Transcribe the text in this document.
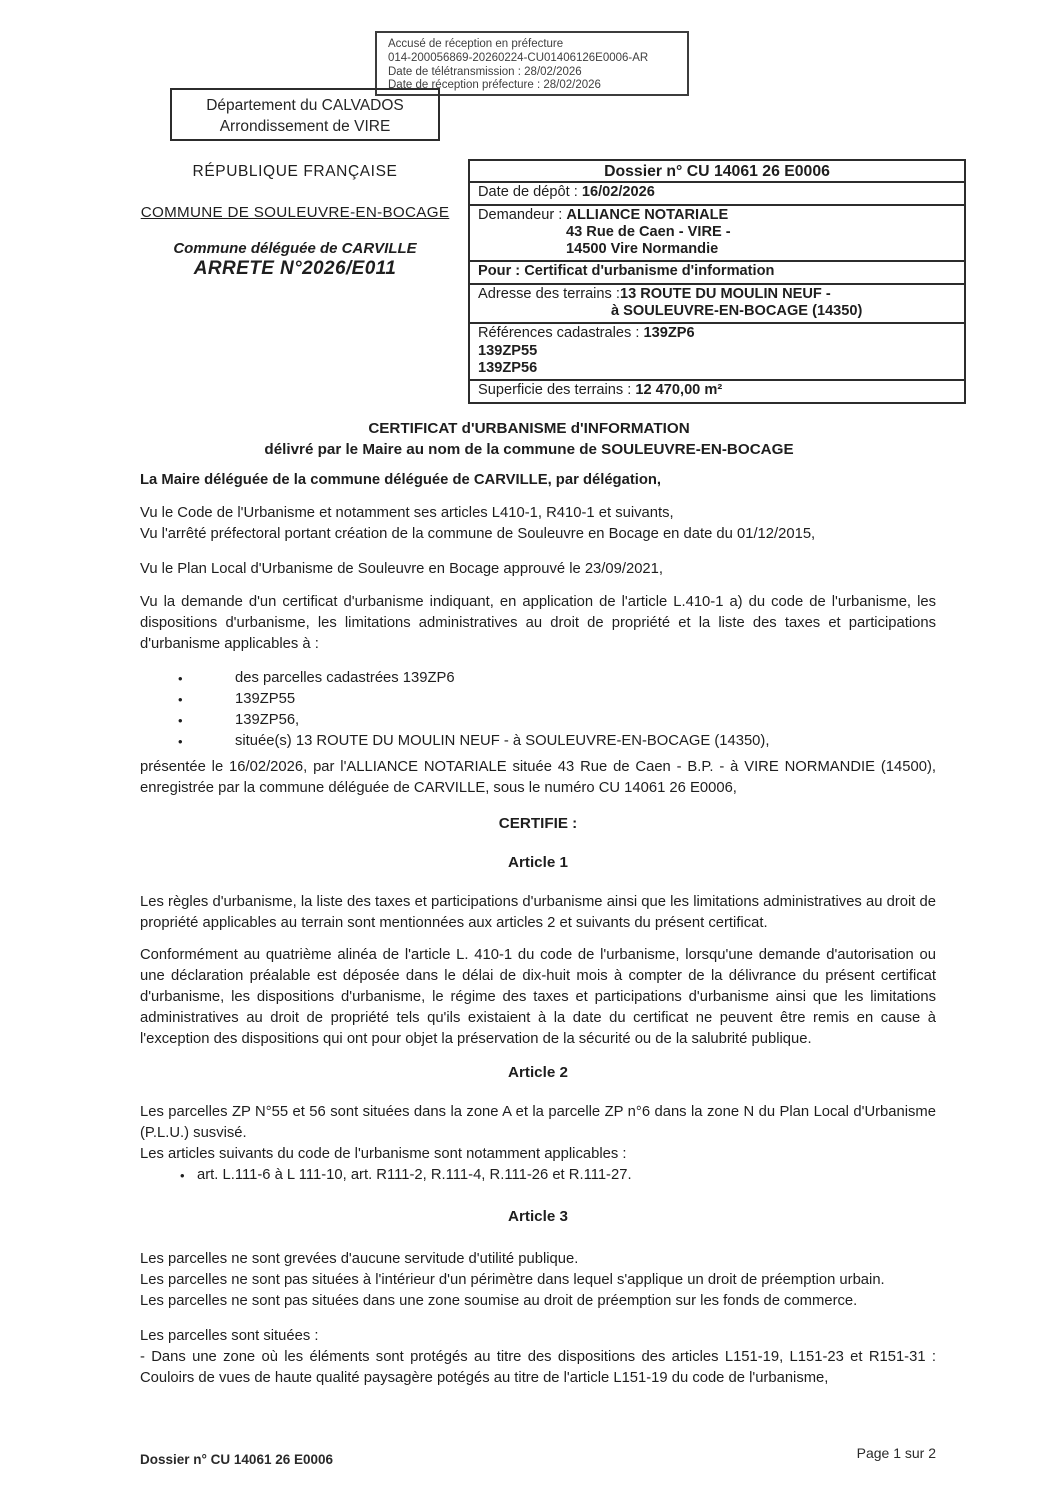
Accusé de réception en préfecture
014-200056869-20260224-CU01406126E0006-AR
Date de télétransmission : 28/02/2026
Date de réception préfecture : 28/02/2026
Département du CALVADOS
Arrondissement de VIRE
RÉPUBLIQUE FRANÇAISE
COMMUNE DE SOULEUVRE-EN-BOCAGE
Commune déléguée de CARVILLE
ARRETE N°2026/E011
Dossier n° CU 14061 26 E0006
Date de dépôt : 16/02/2026
Demandeur : ALLIANCE NOTARIALE
43 Rue de Caen - VIRE -
14500 Vire Normandie
Pour : Certificat d'urbanisme d'information
Adresse des terrains :13 ROUTE DU MOULIN NEUF -
à SOULEUVRE-EN-BOCAGE (14350)
Références cadastrales : 139ZP6
139ZP55
139ZP56
Superficie des terrains : 12 470,00 m²
CERTIFICAT d'URBANISME d'INFORMATION
délivré par le Maire au nom de la commune de SOULEUVRE-EN-BOCAGE

La Maire déléguée de la commune déléguée de CARVILLE, par délégation,

Vu le Code de l'Urbanisme et notamment ses articles L410-1, R410-1 et suivants,
Vu l'arrêté préfectoral portant création de la commune de Souleuvre en Bocage en date du 01/12/2015,

Vu le Plan Local d'Urbanisme de Souleuvre en Bocage approuvé le 23/09/2021,

Vu la demande d'un certificat d'urbanisme indiquant, en application de l'article L.410-1 a) du code de l'urbanisme, les dispositions d'urbanisme, les limitations administratives au droit de propriété et la liste des taxes et participations d'urbanisme applicables à :

• des parcelles cadastrées 139ZP6
• 139ZP55
• 139ZP56,
• située(s) 13 ROUTE DU MOULIN NEUF - à SOULEUVRE-EN-BOCAGE (14350),

présentée le 16/02/2026, par l'ALLIANCE NOTARIALE située 43 Rue de Caen - B.P. - à VIRE NORMANDIE (14500), enregistrée par la commune déléguée de CARVILLE, sous le numéro CU 14061 26 E0006,

CERTIFIE :

Article 1

Les règles d'urbanisme, la liste des taxes et participations d'urbanisme ainsi que les limitations administratives au droit de propriété applicables au terrain sont mentionnées aux articles 2 et suivants du présent certificat.

Conformément au quatrième alinéa de l'article L. 410-1 du code de l'urbanisme, lorsqu'une demande d'autorisation ou une déclaration préalable est déposée dans le délai de dix-huit mois à compter de la délivrance du présent certificat d'urbanisme, les dispositions d'urbanisme, le régime des taxes et participations d'urbanisme ainsi que les limitations administratives au droit de propriété tels qu'ils existaient à la date du certificat ne peuvent être remis en cause à l'exception des dispositions qui ont pour objet la préservation de la sécurité ou de la salubrité publique.

Article 2

Les parcelles ZP N°55 et 56 sont situées dans la zone A et la parcelle ZP n°6 dans la zone N du Plan Local d'Urbanisme (P.L.U.) susvisé.

Les articles suivants du code de l'urbanisme sont notamment applicables :

• art. L.111-6 à L 111-10, art. R111-2, R.111-4, R.111-26 et R.111-27.

Article 3

Les parcelles ne sont grevées d'aucune servitude d'utilité publique.

Les parcelles ne sont pas situées à l'intérieur d'un périmètre dans lequel s'applique un droit de préemption urbain.

Les parcelles ne sont pas situées dans une zone soumise au droit de préemption sur les fonds de commerce.

Les parcelles sont situées :
- Dans une zone où les éléments sont protégés au titre des dispositions des articles L151-19, L151-23 et R151-31 : Couloirs de vues de haute qualité paysagère potégés au titre de l'article L151-19 du code de l'urbanisme,
Dossier n° CU 14061 26 E0006	Page 1 sur 2
